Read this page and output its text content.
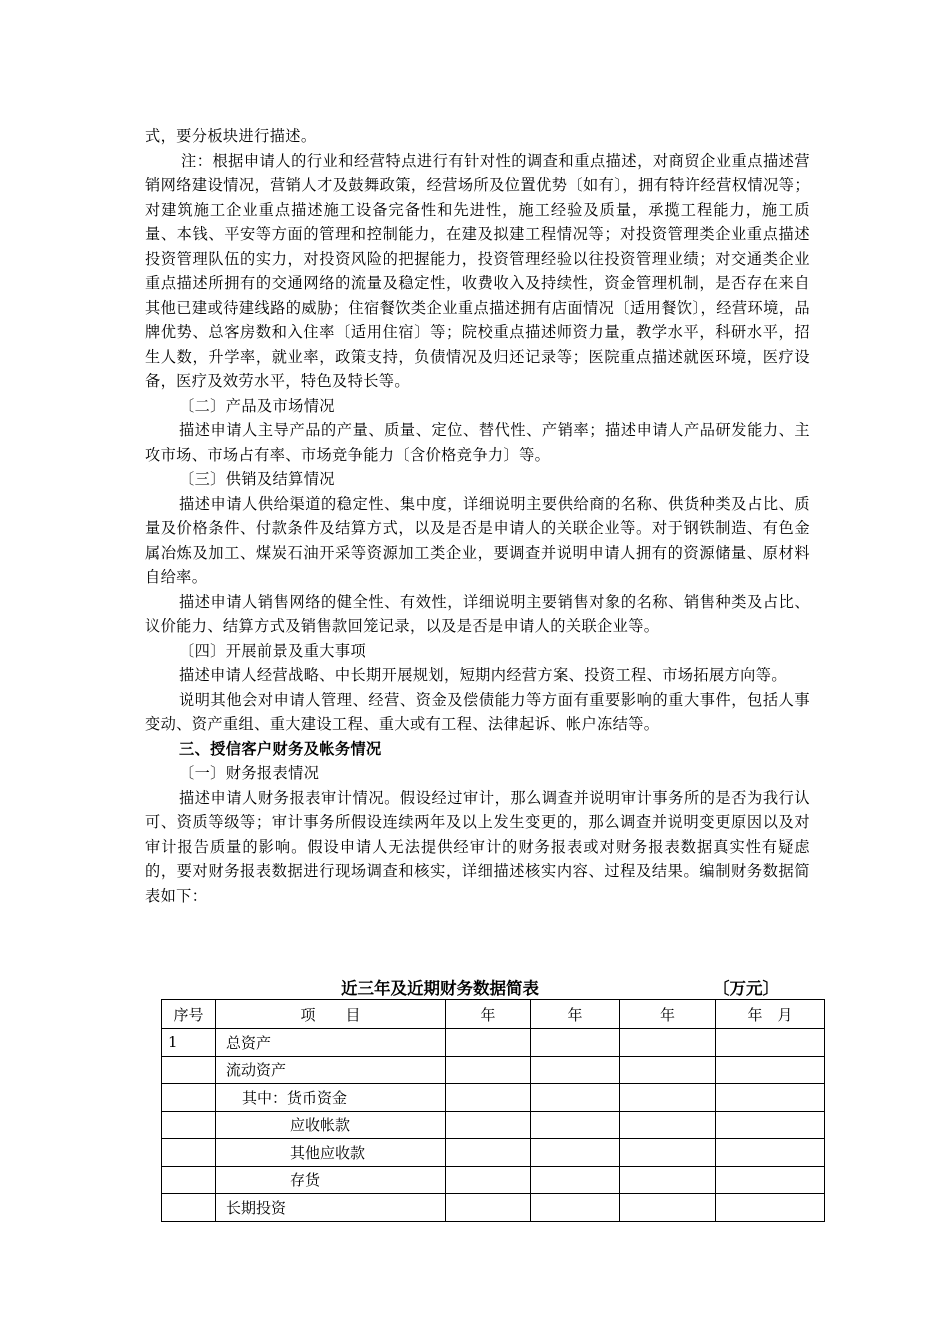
式，要分板块进行描述。

注：根据申请人的行业和经营特点进行有针对性的调查和重点描述，对商贸企业重点描述营销网络建设情况，营销人才及鼓舞政策，经营场所及位置优势〔如有〕，拥有特许经营权情况等；对建筑施工企业重点描述施工设备完备性和先进性，施工经验及质量，承揽工程能力，施工质量、本钱、平安等方面的管理和控制能力，在建及拟建工程情况等；对投资管理类企业重点描述投资管理队伍的实力，对投资风险的把握能力，投资管理经验以往投资管理业绩；对交通类企业重点描述所拥有的交通网络的流量及稳定性，收费收入及持续性，资金管理机制，是否存在来自其他已建或待建线路的威胁；住宿餐饮类企业重点描述拥有店面情况〔适用餐饮〕，经营环境，品牌优势、总客房数和入住率〔适用住宿〕等；院校重点描述师资力量，教学水平，科研水平，招生人数，升学率，就业率，政策支持，负债情况及归还记录等；医院重点描述就医环境，医疗设备，医疗及效劳水平，特色及特长等。

〔二〕产品及市场情况

描述申请人主导产品的产量、质量、定位、替代性、产销率；描述申请人产品研发能力、主攻市场、市场占有率、市场竞争能力〔含价格竞争力〕等。

〔三〕供销及结算情况

描述申请人供给渠道的稳定性、集中度，详细说明主要供给商的名称、供货种类及占比、质量及价格条件、付款条件及结算方式，以及是否是申请人的关联企业等。对于钢铁制造、有色金属冶炼及加工、煤炭石油开采等资源加工类企业，要调查并说明申请人拥有的资源储量、原材料自给率。

描述申请人销售网络的健全性、有效性，详细说明主要销售对象的名称、销售种类及占比、议价能力、结算方式及销售款回笼记录，以及是否是申请人的关联企业等。

〔四〕开展前景及重大事项

描述申请人经营战略、中长期开展规划，短期内经营方案、投资工程、市场拓展方向等。

说明其他会对申请人管理、经营、资金及偿债能力等方面有重要影响的重大事件，包括人事变动、资产重组、重大建设工程、重大或有工程、法律起诉、帐户冻结等。

三、授信客户财务及帐务情况

〔一〕财务报表情况

描述申请人财务报表审计情况。假设经过审计，那么调查并说明审计事务所的是否为我行认可、资质等级等；审计事务所假设连续两年及以上发生变更的，那么调查并说明变更原因以及对审计报告质量的影响。假设申请人无法提供经审计的财务报表或对财务报表数据真实性有疑虑的，要对财务报表数据进行现场调查和核实，详细描述核实内容、过程及结果。编制财务数据简表如下：

近三年及近期财务数据简表	〔万元〕
序号	项　　目	年	年	年	年　月
1	总资产				
	流动资产				
	其中：货币资金				
	应收帐款				
	其他应收款				
	存货				
	长期投资				
